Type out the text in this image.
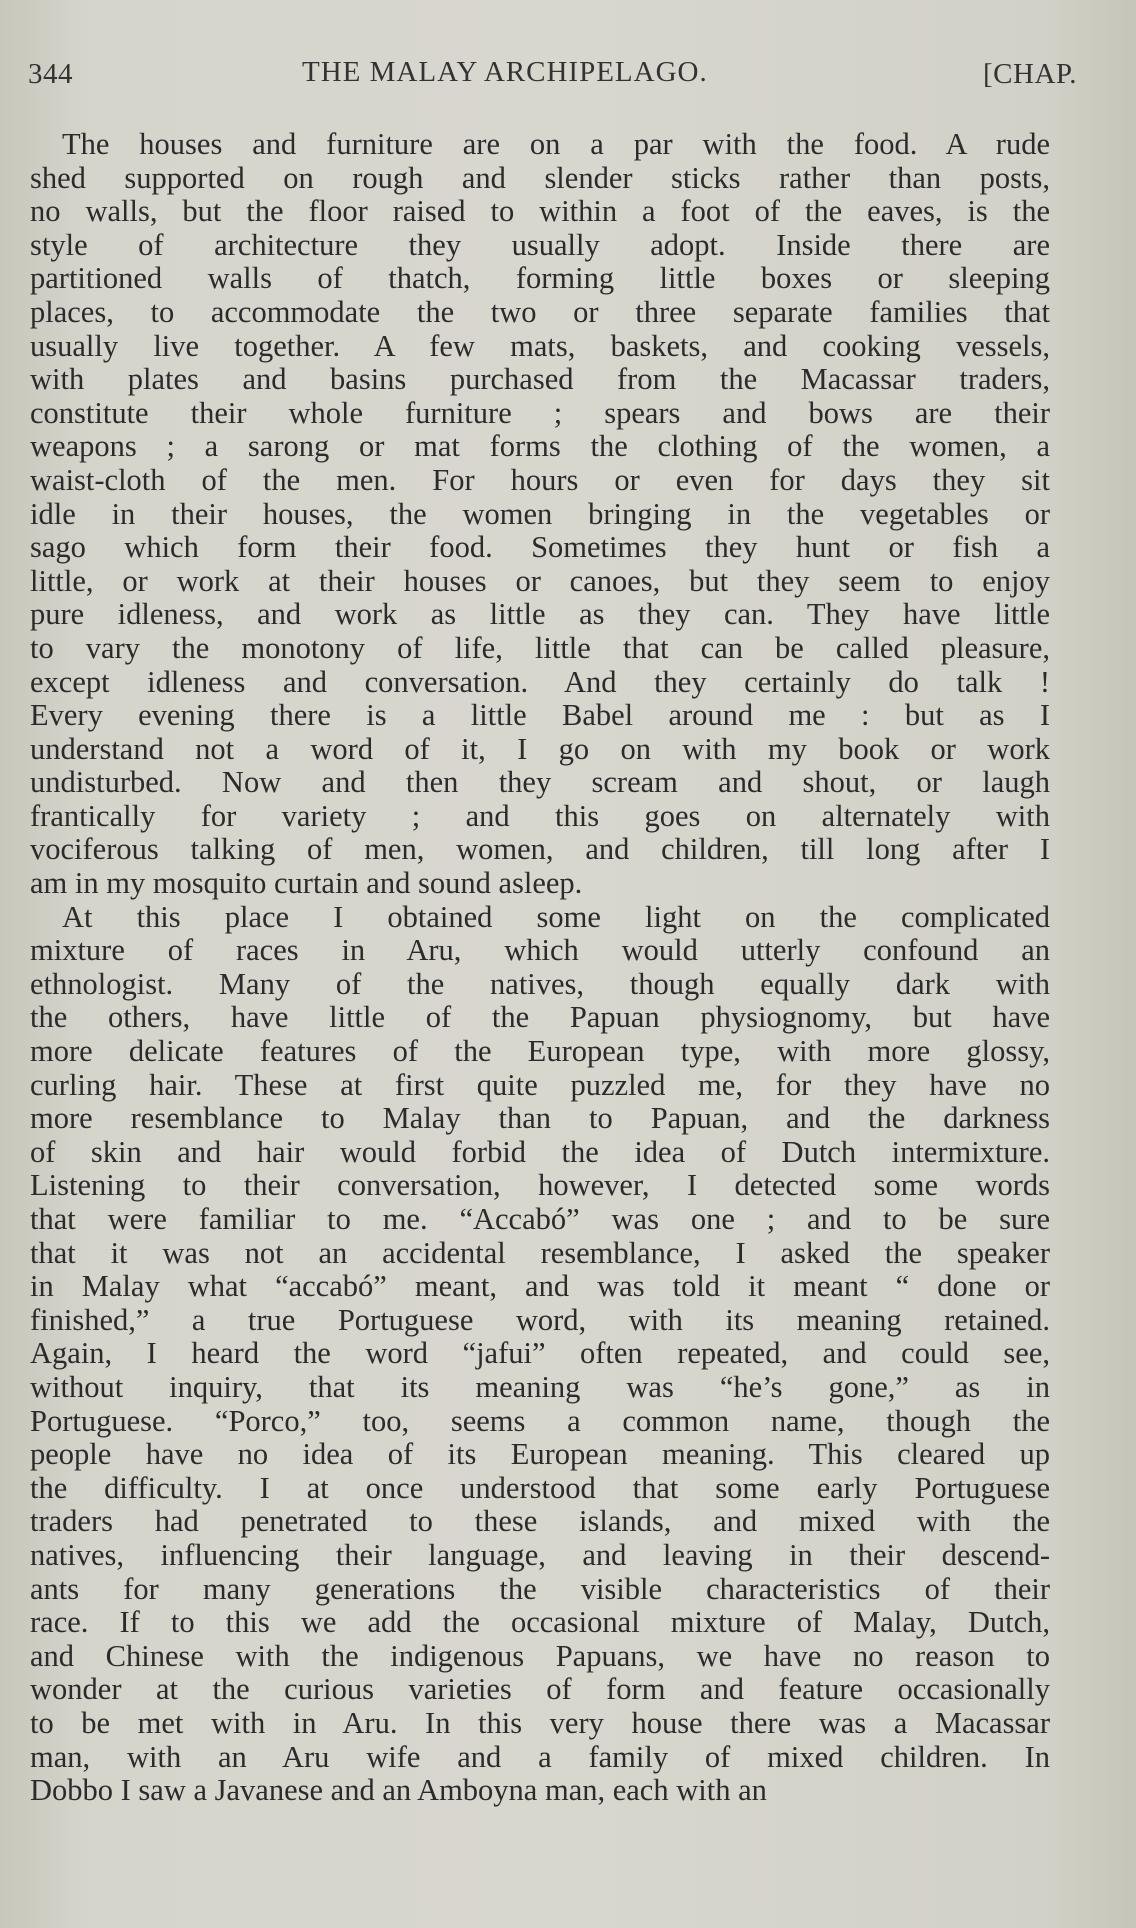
344	THE MALAY ARCHIPELAGO.	[CHAP.
The houses and furniture are on a par with the food. A rude
shed supported on rough and slender sticks rather than posts,
no walls, but the floor raised to within a foot of the eaves, is the
style of architecture they usually adopt. Inside there are
partitioned walls of thatch, forming little boxes or sleeping
places, to accommodate the two or three separate families that
usually live together. A few mats, baskets, and cooking vessels,
with plates and basins purchased from the Macassar traders,
constitute their whole furniture ; spears and bows are their
weapons ; a sarong or mat forms the clothing of the women, a
waist-cloth of the men. For hours or even for days they sit
idle in their houses, the women bringing in the vegetables or
sago which form their food. Sometimes they hunt or fish a
little, or work at their houses or canoes, but they seem to enjoy
pure idleness, and work as little as they can. They have little
to vary the monotony of life, little that can be called pleasure,
except idleness and conversation. And they certainly do talk !
Every evening there is a little Babel around me : but as I
understand not a word of it, I go on with my book or work
undisturbed. Now and then they scream and shout, or laugh
frantically for variety ; and this goes on alternately with
vociferous talking of men, women, and children, till long after I
am in my mosquito curtain and sound asleep.
At this place I obtained some light on the complicated
mixture of races in Aru, which would utterly confound an
ethnologist. Many of the natives, though equally dark with
the others, have little of the Papuan physiognomy, but have
more delicate features of the European type, with more glossy,
curling hair. These at first quite puzzled me, for they have no
more resemblance to Malay than to Papuan, and the darkness
of skin and hair would forbid the idea of Dutch intermixture.
Listening to their conversation, however, I detected some words
that were familiar to me. “Accabó” was one ; and to be sure
that it was not an accidental resemblance, I asked the speaker
in Malay what “accabó” meant, and was told it meant “ done or
finished,” a true Portuguese word, with its meaning retained.
Again, I heard the word “jafui” often repeated, and could see,
without inquiry, that its meaning was “he’s gone,” as in
Portuguese. “Porco,” too, seems a common name, though the
people have no idea of its European meaning. This cleared up
the difficulty. I at once understood that some early Portuguese
traders had penetrated to these islands, and mixed with the
natives, influencing their language, and leaving in their descend-
ants for many generations the visible characteristics of their
race. If to this we add the occasional mixture of Malay, Dutch,
and Chinese with the indigenous Papuans, we have no reason to
wonder at the curious varieties of form and feature occasionally
to be met with in Aru. In this very house there was a Macassar
man, with an Aru wife and a family of mixed children. In
Dobbo I saw a Javanese and an Amboyna man, each with an
